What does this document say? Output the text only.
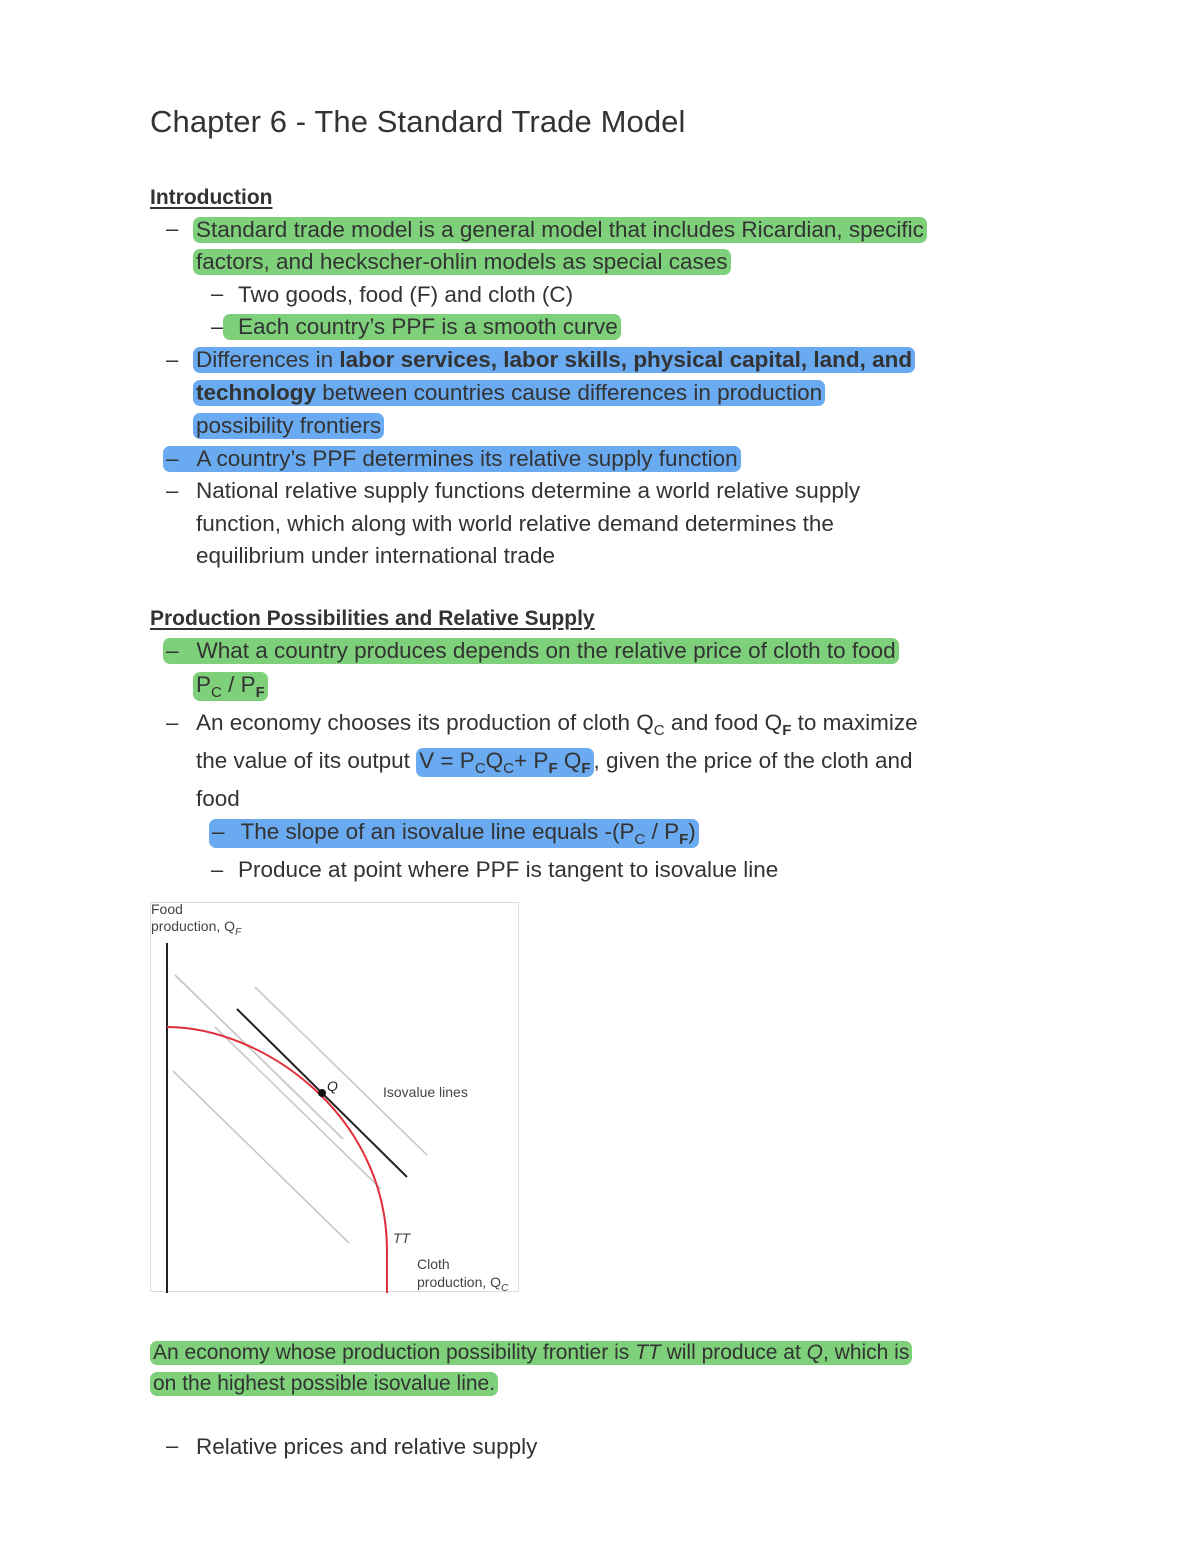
Chapter 6 - The Standard Trade Model
Introduction
– Standard trade model is a general model that includes Ricardian, specific
factors, and heckscher-ohlin models as special cases
– Two goods, food (F) and cloth (C)
– Each country’s PPF is a smooth curve
– Differences in labor services, labor skills, physical capital, land, and
technology between countries cause differences in production
possibility frontiers
– A country’s PPF determines its relative supply function
– National relative supply functions determine a world relative supply
function, which along with world relative demand determines the
equilibrium under international trade
Production Possibilities and Relative Supply
– What a country produces depends on the relative price of cloth to food
$P_C / P_F$
– An economy chooses its production of cloth $Q_C$ and food $Q_F$ to maximize
the value of its output $V = P_CQ_C+ P_F$ $Q_F$ , given the price of the cloth and
food
– The slope of an isovalue line equals $-(P_C / P_F)$
– Produce at point where PPF is tangent to isovalue line
Food
production, $Q_F$
Q	Isovalue lines
TT
Cloth
production, $Q_C$
An economy whose production possibility frontier is TT will produce at Q, which is
on the highest possible isovalue line.
– Relative prices and relative supply
